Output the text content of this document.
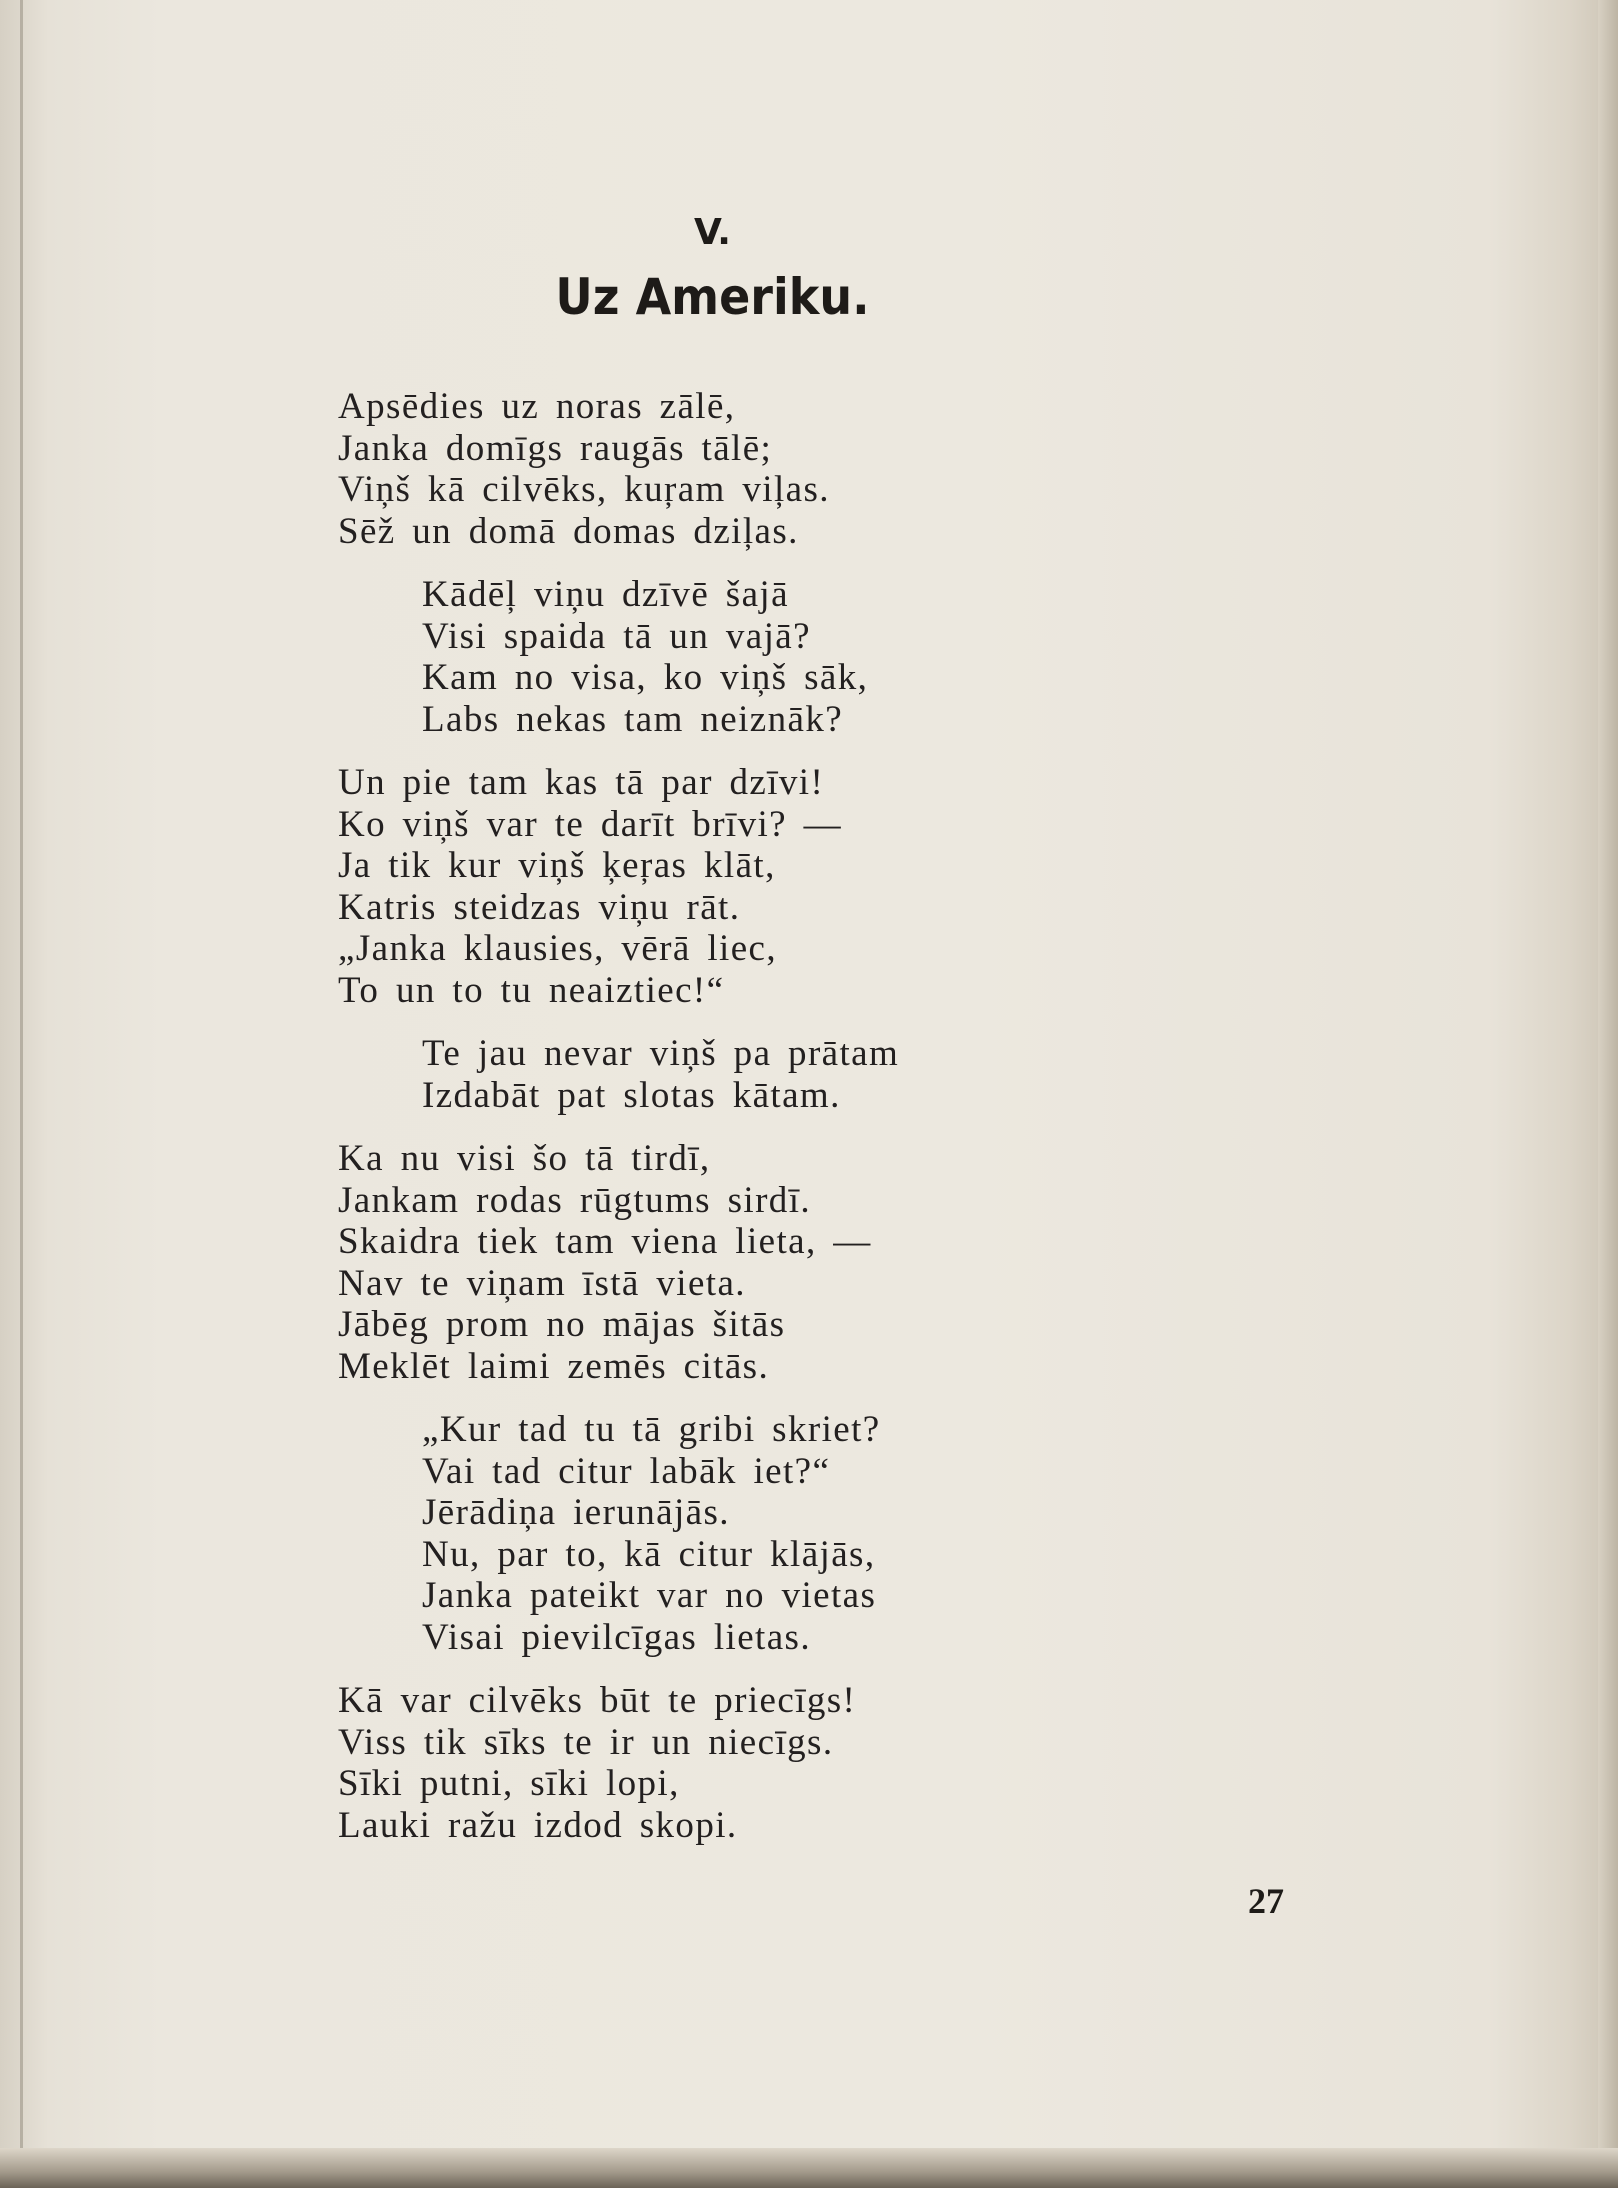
V.
Uz Ameriku.
Apsēdies uz noras zālē,
Janka domīgs raugās tālē;
Viņš kā cilvēks, kuŗam viļas.
Sēž un domā domas dziļas.
Kādēļ viņu dzīvē šajā
Visi spaida tā un vajā?
Kam no visa, ko viņš sāk,
Labs nekas tam neiznāk?
Un pie tam kas tā par dzīvi!
Ko viņš var te darīt brīvi? —
Ja tik kur viņš ķeŗas klāt,
Katris steidzas viņu rāt.
„Janka klausies, vērā liec,
To un to tu neaiztiec!“
Te jau nevar viņš pa prātam
Izdabāt pat slotas kātam.
Ka nu visi šo tā tirdī,
Jankam rodas rūgtums sirdī.
Skaidra tiek tam viena lieta, —
Nav te viņam īstā vieta.
Jābēg prom no mājas šitās
Meklēt laimi zemēs citās.
„Kur tad tu tā gribi skriet?
Vai tad citur labāk iet?“
Jērādiņa ierunājās.
Nu, par to, kā citur klājās,
Janka pateikt var no vietas
Visai pievilcīgas lietas.
Kā var cilvēks būt te priecīgs!
Viss tik sīks te ir un niecīgs.
Sīki putni, sīki lopi,
Lauki ražu izdod skopi.
27
